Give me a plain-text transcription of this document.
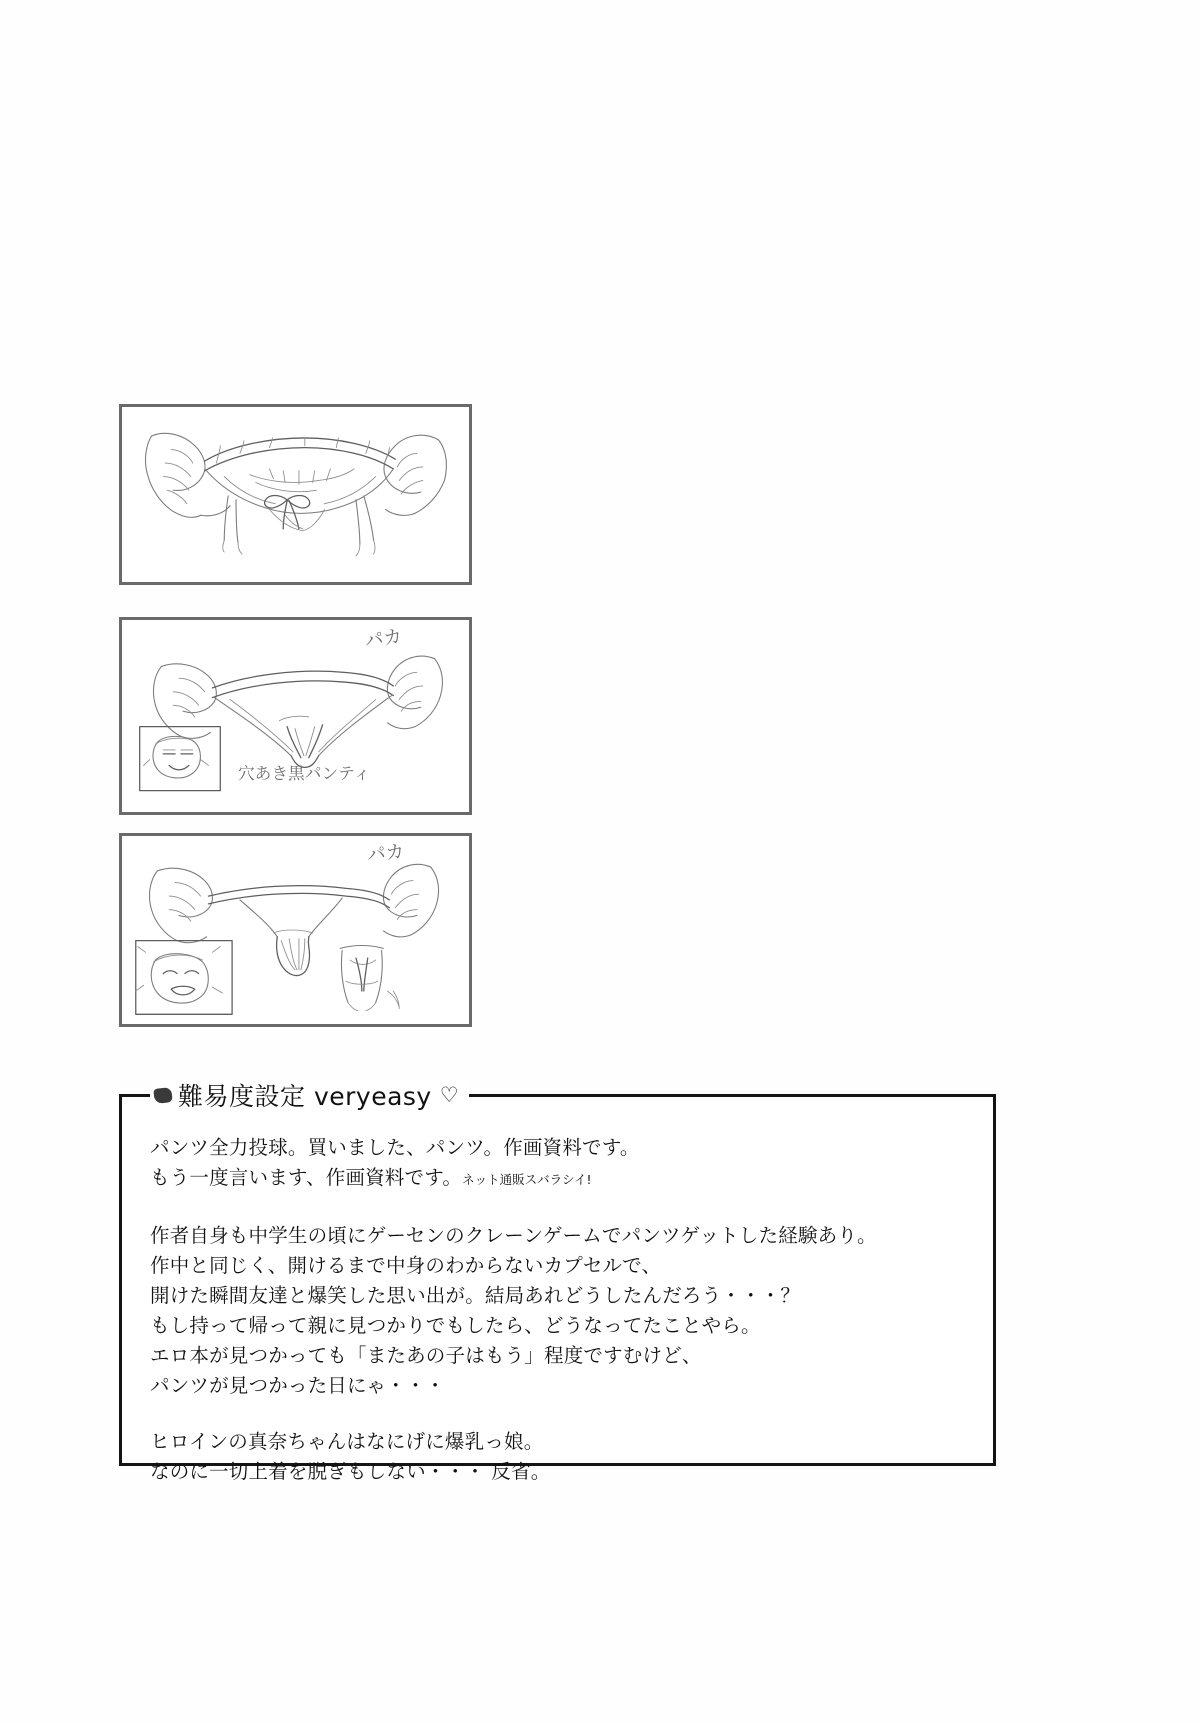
パカ
穴あき黒パンティ
パカ

パンツ全力投球。買いました、パンツ。作画資料です。
もう一度言います、作画資料です。ネット通販スバラシイ!

作者自身も中学生の頃にゲーセンのクレーンゲームでパンツゲットした経験あり。
作中と同じく、開けるまで中身のわからないカプセルで、
開けた瞬間友達と爆笑した思い出が。結局あれどうしたんだろう・・・？
もし持って帰って親に見つかりでもしたら、どうなってたことやら。
エロ本が見つかっても「またあの子はもう」程度ですむけど、
パンツが見つかった日にゃ・・・

ヒロインの真奈ちゃんはなにげに爆乳っ娘。
なのに一切上着を脱ぎもしない・・・ 反省。

難易度設定 veryeasy ♡
